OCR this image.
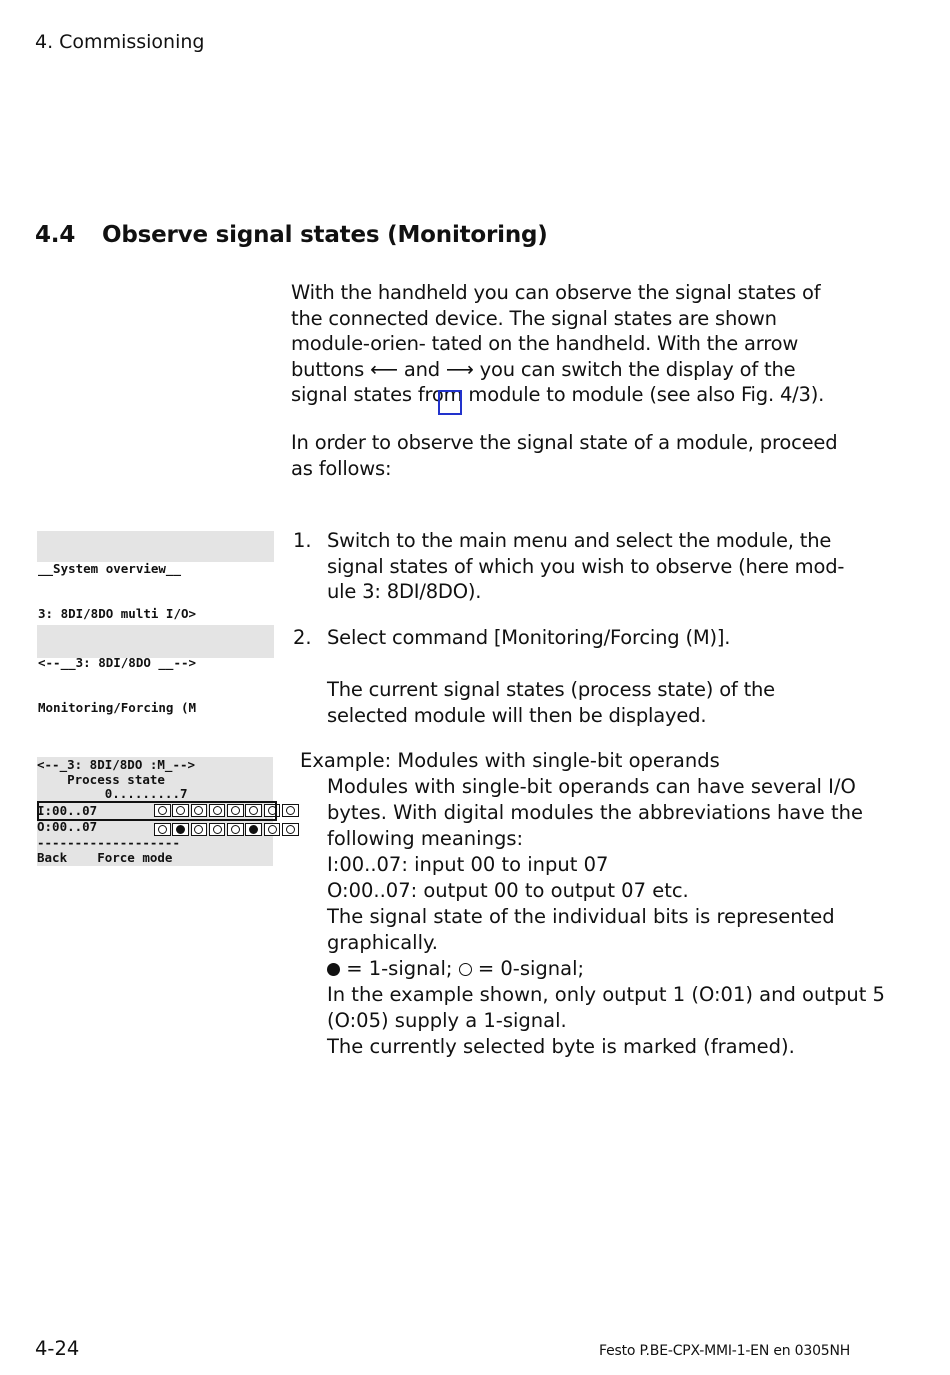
4. Commissioning
4.4 Observe signal states (Monitoring)
With the handheld you can observe the signal states of the connected device. The signal states are shown module-orien- tated on the handheld. With the arrow buttons ⟵ and ⟶ you can switch the display of the signal states from module to module (see also Fig. 4/3).
In order to observe the signal state of a module, proceed as follows:

__System overview__

3: 8DI/8DO multi I/O>

<--__3: 8DI/8DO __-->

Monitoring/Forcing (M

<--_3: 8DI/8DO :M_-->

Process state

0.........7

I:00..07

O:00..07

-------------------

Back    Force mode

1. Switch to the main menu and select the module, the signal states of which you wish to observe (here mod- ule 3: 8DI/8DO).
2. Select command [Monitoring/Forcing (M)].
The current signal states (process state) of the selected module will then be displayed.
Example: Modules with single-bit operands
Modules with single-bit operands can have several I/O
bytes. With digital modules the abbreviations have the
following meanings:
I:00..07: input 00 to input 07
O:00..07: output 00 to output 07 etc.
The signal state of the individual bits is represented
graphically.
= 1-signal;  = 0-signal;
In the example shown, only output 1 (O:01) and output 5
(O:05) supply a 1-signal.
The currently selected byte is marked (framed).
4-24	Festo P.BE-CPX-MMI-1-EN en 0305NH
